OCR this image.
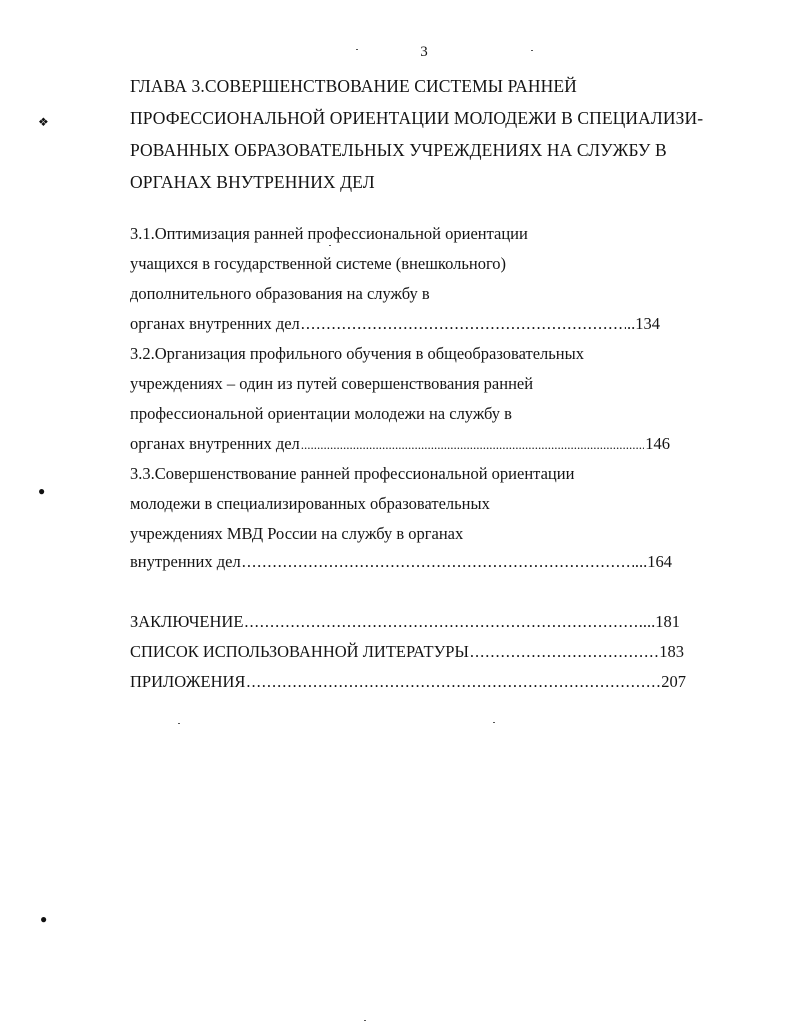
3
ГЛАВА 3.СОВЕРШЕНСТВОВАНИЕ СИСТЕМЫ РАННЕЙ
ПРОФЕССИОНАЛЬНОЙ ОРИЕНТАЦИИ МОЛОДЕЖИ В СПЕЦИАЛИЗИ-
РОВАННЫХ ОБРАЗОВАТЕЛЬНЫХ УЧРЕЖДЕНИЯХ НА СЛУЖБУ В
ОРГАНАХ ВНУТРЕННИХ ДЕЛ
3.1.Оптимизация ранней профессиональной ориентации
учащихся в государственной системе (внешкольного)
дополнительного образования на службу в
органах внутренних дел .....	..134
3.2.Организация профильного обучения в общеобразовательных
учреждениях – один из путей совершенствования ранней
профессиональной ориентации молодежи на службу в
органах внутренних дел .....	146
3.3.Совершенствование ранней профессиональной ориентации
молодежи в специализированных образовательных
учреждениях МВД России на службу в органах
внутренних дел .....	...164
ЗАКЛЮЧЕНИЕ .....	....181
СПИСОК ИСПОЛЬЗОВАННОЙ ЛИТЕРАТУРЫ .....	183
ПРИЛОЖЕНИЯ .....	207
❖
●
●
